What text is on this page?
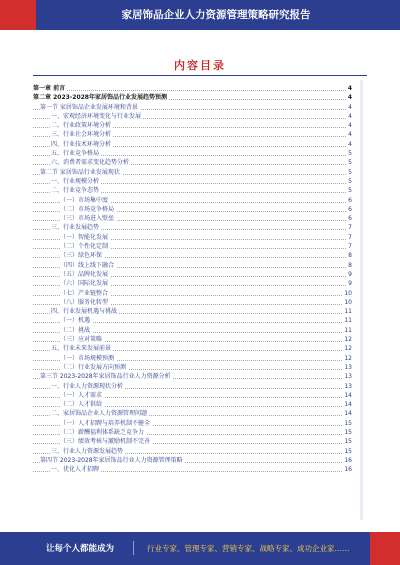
家居饰品企业人力资源管理策略研究报告
内容目录
第一章 前言	4
第二章 2023-2028年家居饰品行业发展趋势预测	4
第一节 家居饰品企业发展环境和背景	4
一、宏观经济环境变化与行业发展	4
二、行业政策环境分析	4
三、行业社会环境分析	4
四、行业技术环境分析	4
五、行业竞争格局	5
六、消费者需求变化趋势分析	5
第二节 家居饰品行业发展现状	5
一、行业规模分析	5
二、行业竞争态势	5
（一）市场集中度	6
（二）市场竞争格局	6
（三）市场进入壁垒	6
三、行业发展趋势	7
（一）智能化发展	7
（二）个性化定制	7
（三）绿色环保	8
（四）线上线下融合	8
（五）品牌化发展	9
（六）国际化发展	9
（七）产业链整合	10
（八）服务化转型	10
四、行业发展机遇与挑战	11
（一）机遇	11
（二）挑战	11
（三）应对策略	12
五、行业未来发展前景	12
（一）市场规模预测	12
（二）行业发展方向预测	13
第三节 2023-2028年家居饰品行业人力资源分析	13
一、行业人力资源现状分析	13
（一）人才需求	14
（二）人才供给	14
二、家居饰品企业人力资源管理问题	14
（一）人才招聘与培养机制不健全	15
（二）薪酬福利体系缺乏竞争力	15
（三）绩效考核与激励机制不完善	15
三、行业人力资源发展趋势	15
第四节 2023-2028年家居饰品行业人力资源管理策略	16
一、优化人才招聘	16
让每个人都能成为	行业专家、管理专家、营销专家、战略专家、成功企业家……
